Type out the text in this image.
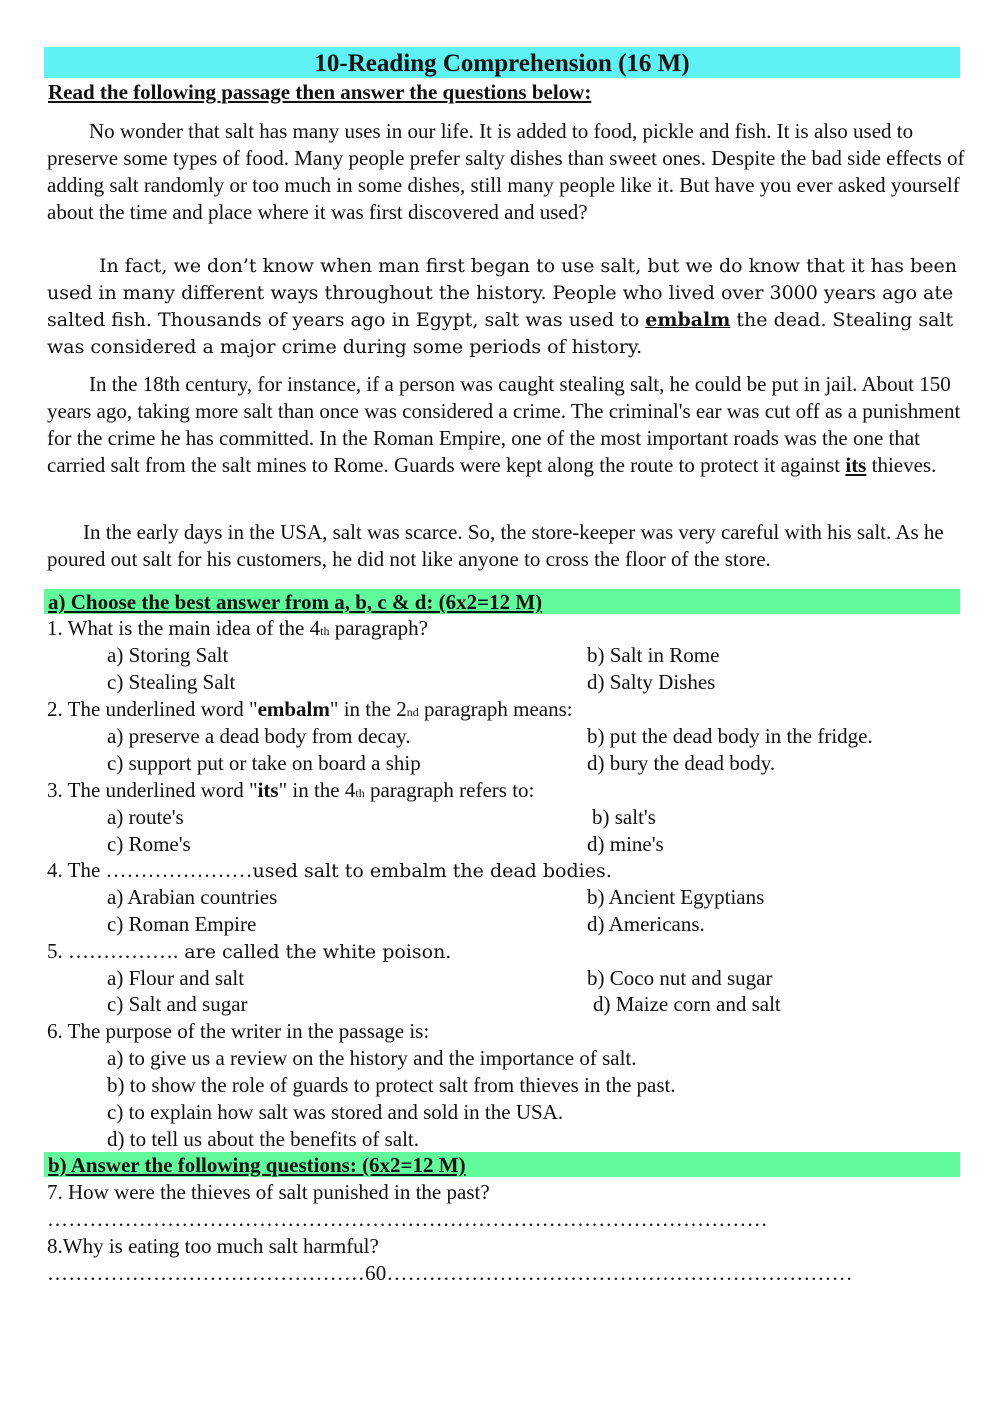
10-Reading Comprehension (16 M)
Read the following passage then answer the questions below:

No wonder that salt has many uses in our life. It is added to food, pickle and fish. It is also used to preserve some types of food. Many people prefer salty dishes than sweet ones. Despite the bad side effects of adding salt randomly or too much in some dishes, still many people like it. But have you ever asked yourself about the time and place where it was first discovered and used?

In fact, we don’t know when man first began to use salt, but we do know that it has been used in many different ways throughout the history. People who lived over 3000 years ago ate salted fish. Thousands of years ago in Egypt, salt was used to embalm the dead. Stealing salt was considered a major crime during some periods of history.

In the 18th century, for instance, if a person was caught stealing salt, he could be put in jail. About 150 years ago, taking more salt than once was considered a crime. The criminal's ear was cut off as a punishment for the crime he has committed. In the Roman Empire, one of the most important roads was the one that carried salt from the salt mines to Rome. Guards were kept along the route to protect it against its thieves.

In the early days in the USA, salt was scarce. So, the store-keeper was very careful with his salt. As he poured out salt for his customers, he did not like anyone to cross the floor of the store.

a) Choose the best answer from a, b, c & d: (6x2=12 M)
1. What is the main idea of the 4th paragraph?
a) Storing Salt	b) Salt in Rome
c) Stealing Salt	d) Salty Dishes
2. The underlined word "embalm" in the 2nd paragraph means:
a) preserve a dead body from decay.	b) put the dead body in the fridge.
c) support put or take on board a ship	d) bury the dead body.
3. The underlined word "its" in the 4th paragraph refers to:
a) route's	b) salt's
c) Rome's	d) mine's
4. The …………………used salt to embalm the dead bodies.
a) Arabian countries	b) Ancient Egyptians
c) Roman Empire	d) Americans.
5. ……………. are called the white poison.
a) Flour and salt	b) Coco nut and sugar
c) Salt and sugar	d) Maize corn and salt
6. The purpose of the writer in the passage is:
a) to give us a review on the history and the importance of salt.
b) to show the role of guards to protect salt from thieves in the past.
c) to explain how salt was stored and sold in the USA.
d) to tell us about the benefits of salt.
b) Answer the following questions: (6x2=12 M)
7. How were the thieves of salt punished in the past?
…………………………………………………………………………………………
8.Why is eating too much salt harmful?
………………………………………60…………………………………………………………
